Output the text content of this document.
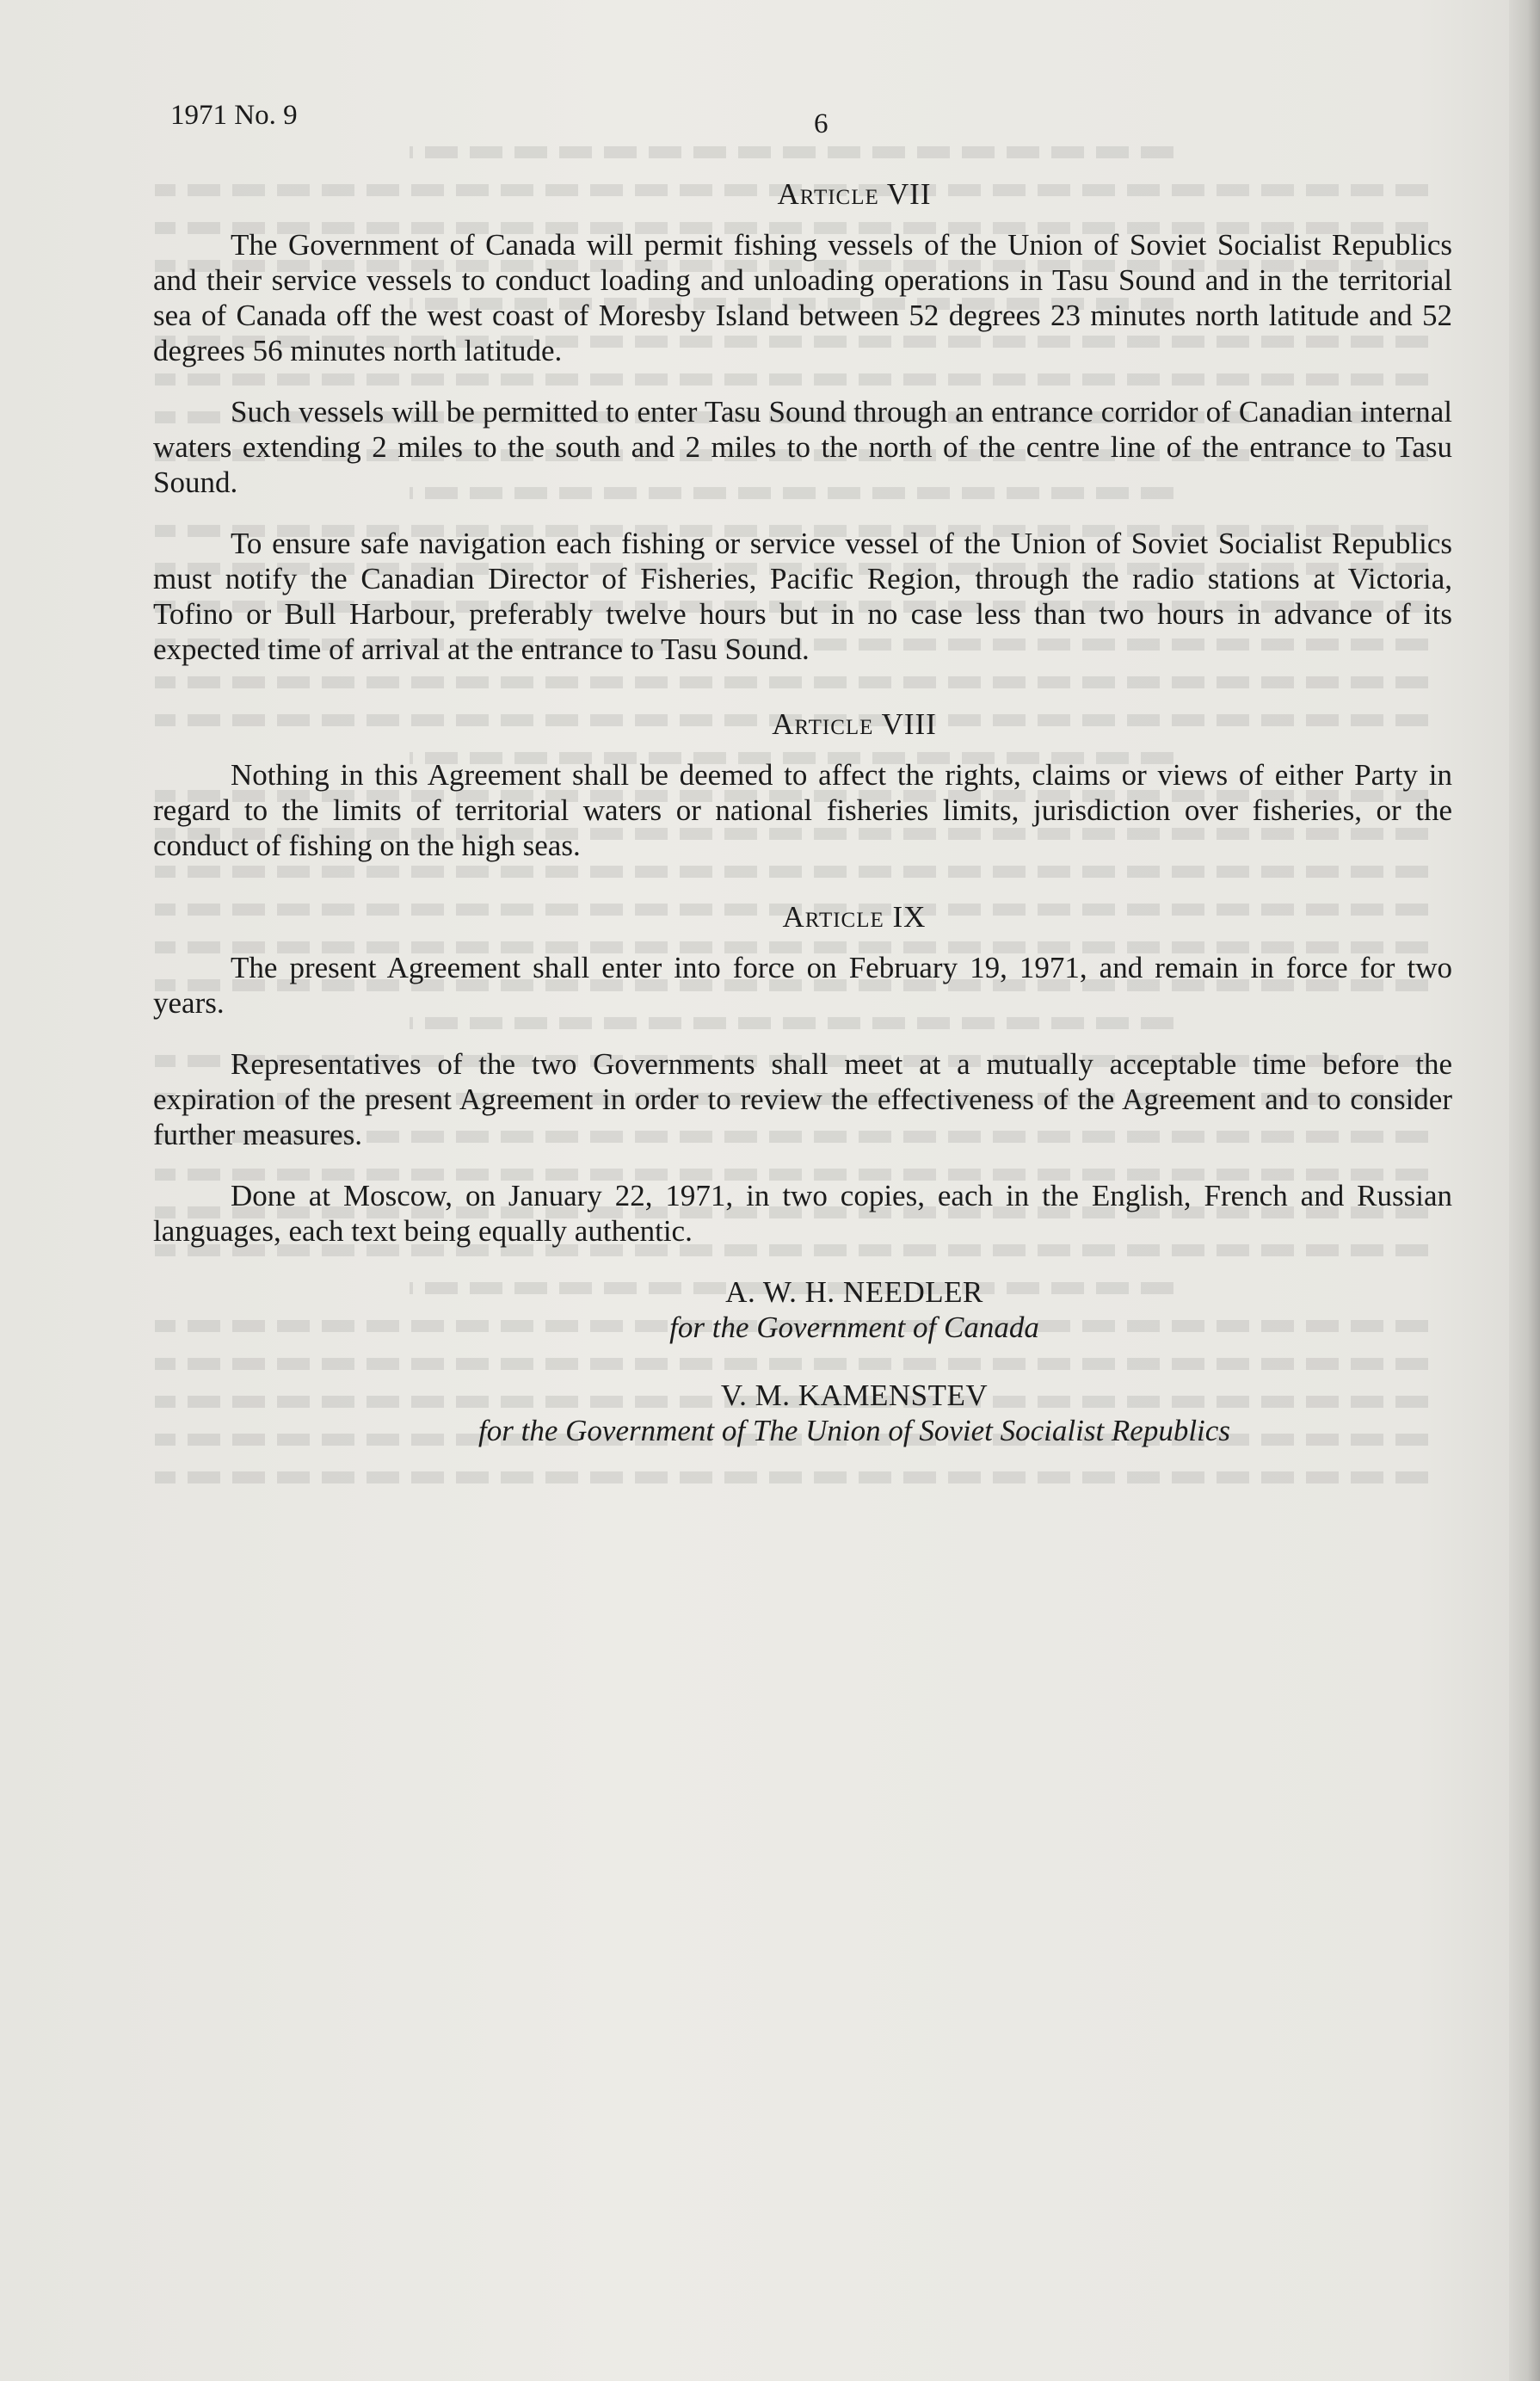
1971 No. 9	6
Article VII

The Government of Canada will permit fishing vessels of the Union of Soviet Socialist Republics and their service vessels to conduct loading and unloading operations in Tasu Sound and in the territorial sea of Canada off the west coast of Moresby Island between 52 degrees 23 minutes north latitude and 52 degrees 56 minutes north latitude.

Such vessels will be permitted to enter Tasu Sound through an entrance corridor of Canadian internal waters extending 2 miles to the south and 2 miles to the north of the centre line of the entrance to Tasu Sound.

To ensure safe navigation each fishing or service vessel of the Union of Soviet Socialist Republics must notify the Canadian Director of Fisheries, Pacific Region, through the radio stations at Victoria, Tofino or Bull Harbour, preferably twelve hours but in no case less than two hours in advance of its expected time of arrival at the entrance to Tasu Sound.

Article VIII

Nothing in this Agreement shall be deemed to affect the rights, claims or views of either Party in regard to the limits of territorial waters or national fisheries limits, jurisdiction over fisheries, or the conduct of fishing on the high seas.

Article IX

The present Agreement shall enter into force on February 19, 1971, and remain in force for two years.

Representatives of the two Governments shall meet at a mutually acceptable time before the expiration of the present Agreement in order to review the effectiveness of the Agreement and to consider further measures.

Done at Moscow, on January 22, 1971, in two copies, each in the English, French and Russian languages, each text being equally authentic.

A. W. H. NEEDLER
for the Government of Canada
V. M. KAMENSTEV
for the Government of The Union of Soviet Socialist Republics
